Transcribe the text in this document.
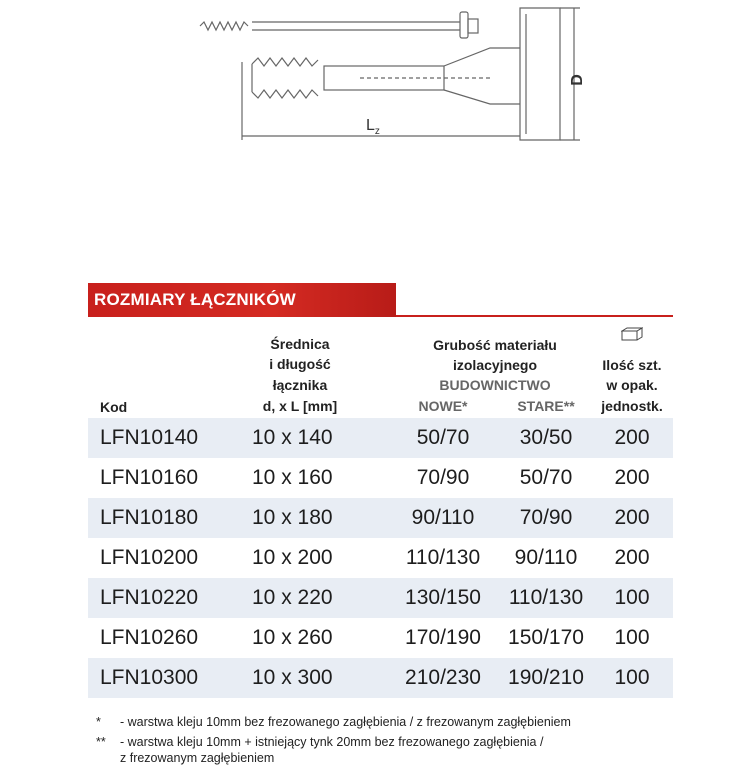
$L_z$
D
ROZMIARY ŁĄCZNIKÓW
Kod
Średnica
i długość
łącznika
d, x L [mm]
Grubość materiału
izolacyjnego
BUDOWNICTWO
NOWE*	STARE**
Ilość szt.
w opak.
jednostk.
LFN10140	10 x 140	50/70	30/50	200
LFN10160	10 x 160	70/90	50/70	200
LFN10180	10 x 180	90/110	70/90	200
LFN10200	10 x 200	110/130	90/110	200
LFN10220	10 x 220	130/150	110/130	100
LFN10260	10 x 260	170/190	150/170	100
LFN10300	10 x 300	210/230	190/210	100
* - warstwa kleju 10mm bez frezowanego zagłębienia / z frezowanym zagłębieniem
** - warstwa kleju 10mm + istniejący tynk 20mm bez frezowanego zagłębienia /
z frezowanym zagłębieniem
